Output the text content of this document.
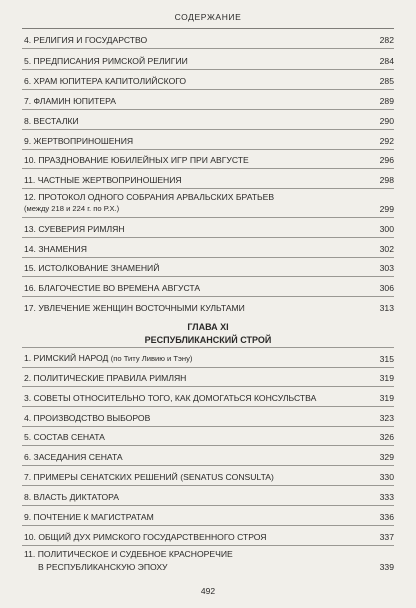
СОДЕРЖАНИЕ
4. РЕЛИГИЯ И ГОСУДАРСТВО	282
5. ПРЕДПИСАНИЯ РИМСКОЙ РЕЛИГИИ	284
6. ХРАМ ЮПИТЕРА КАПИТОЛИЙСКОГО	285
7. ФЛАМИН ЮПИТЕРА	289
8. ВЕСТАЛКИ	290
9. ЖЕРТВОПРИНОШЕНИЯ	292
10. ПРАЗДНОВАНИЕ ЮБИЛЕЙНЫХ ИГР ПРИ АВГУСТЕ	296
11. ЧАСТНЫЕ ЖЕРТВОПРИНОШЕНИЯ	298
12. ПРОТОКОЛ ОДНОГО СОБРАНИЯ АРВАЛЬСКИХ БРАТЬЕВ
(между 218 и 224 г. по Р.Х.)	299
13. СУЕВЕРИЯ РИМЛЯН	300
14. ЗНАМЕНИЯ	302
15. ИСТОЛКОВАНИЕ ЗНАМЕНИЙ	303
16. БЛАГОЧЕСТИЕ ВО ВРЕМЕНА АВГУСТА	306
17. УВЛЕЧЕНИЕ ЖЕНЩИН ВОСТОЧНЫМИ КУЛЬТАМИ	313
ГЛАВА XI
РЕСПУБЛИКАНСКИЙ СТРОЙ
1. РИМСКИЙ НАРОД (по Титу Ливию и Тэну)	315
2. ПОЛИТИЧЕСКИЕ ПРАВИЛА РИМЛЯН	319
3. СОВЕТЫ ОТНОСИТЕЛЬНО ТОГО, КАК ДОМОГАТЬСЯ КОНСУЛЬСТВА	319
4. ПРОИЗВОДСТВО ВЫБОРОВ	323
5. СОСТАВ СЕНАТА	326
6. ЗАСЕДАНИЯ СЕНАТА	329
7. ПРИМЕРЫ СЕНАТСКИХ РЕШЕНИЙ (SENATUS CONSULTA)	330
8. ВЛАСТЬ ДИКТАТОРА	333
9. ПОЧТЕНИЕ К МАГИСТРАТАМ	336
10. ОБЩИЙ ДУХ РИМСКОГО ГОСУДАРСТВЕННОГО СТРОЯ	337
11. ПОЛИТИЧЕСКОЕ И СУДЕБНОЕ КРАСНОРЕЧИЕ
В РЕСПУБЛИКАНСКУЮ ЭПОХУ	339
492
